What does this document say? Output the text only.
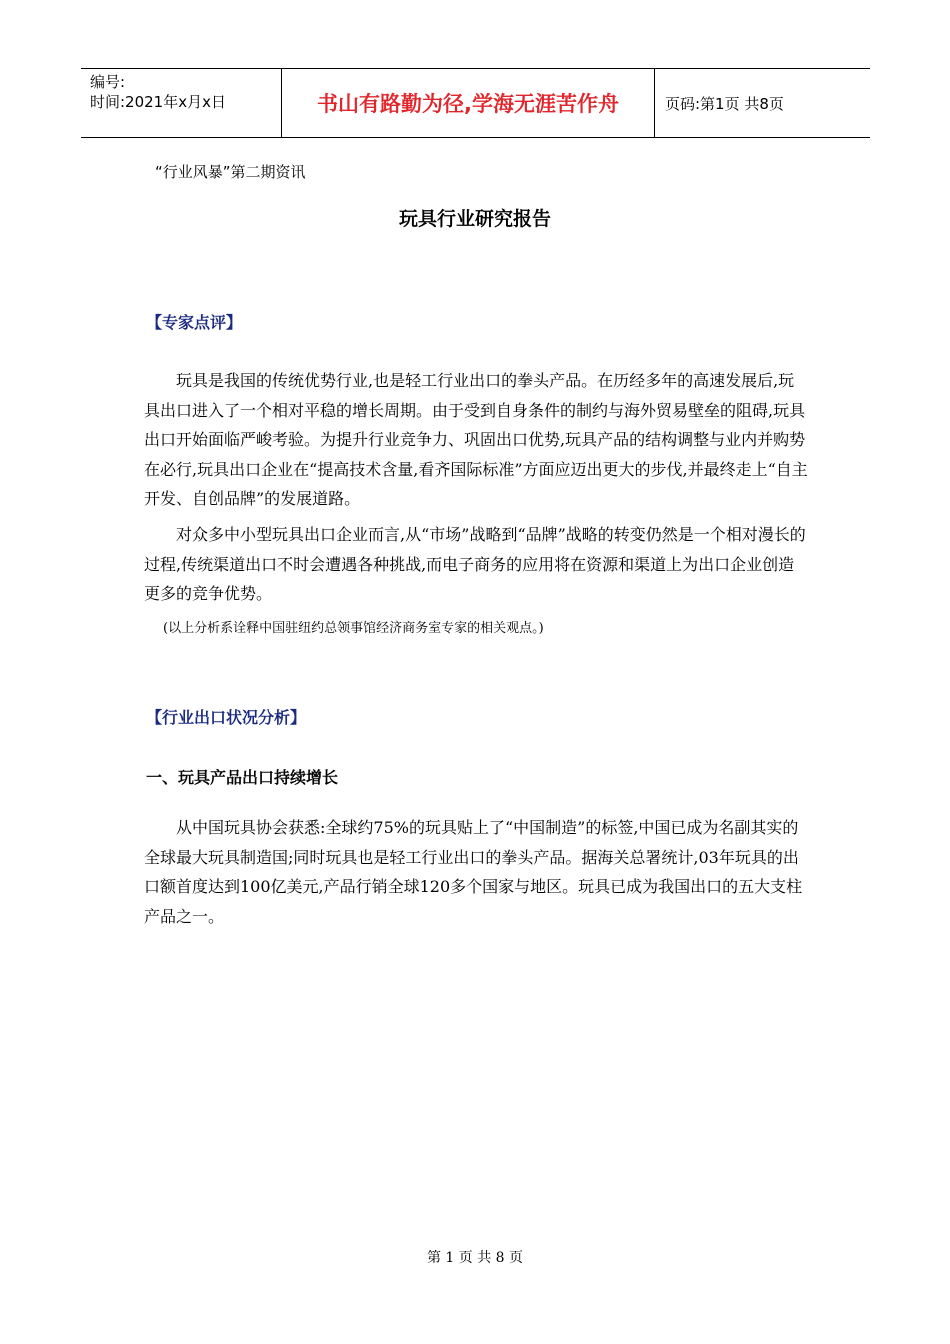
编号:
时间:2021年x月x日	书山有路勤为径,学海无涯苦作舟	页码:第1页 共8页
“行业风暴”第二期资讯
玩具行业研究报告
【专家点评】

玩具是我国的传统优势行业,也是轻工行业出口的拳头产品。在历经多年的高速发展后,玩具出口进入了一个相对平稳的增长周期。由于受到自身条件的制约与海外贸易壁垒的阻碍,玩具出口开始面临严峻考验。为提升行业竞争力、巩固出口优势,玩具产品的结构调整与业内并购势在必行,玩具出口企业在“提高技术含量,看齐国际标准”方面应迈出更大的步伐,并最终走上“自主开发、自创品牌”的发展道路。

对众多中小型玩具出口企业而言,从“市场”战略到“品牌”战略的转变仍然是一个相对漫长的过程,传统渠道出口不时会遭遇各种挑战,而电子商务的应用将在资源和渠道上为出口企业创造更多的竞争优势。

(以上分析系诠释中国驻纽约总领事馆经济商务室专家的相关观点。)
【行业出口状况分析】
一、玩具产品出口持续增长

从中国玩具协会获悉:全球约75%的玩具贴上了“中国制造”的标签,中国已成为名副其实的全球最大玩具制造国;同时玩具也是轻工行业出口的拳头产品。据海关总署统计,03年玩具的出口额首度达到100亿美元,产品行销全球120多个国家与地区。玩具已成为我国出口的五大支柱产品之一。

第 1 页 共 8 页
